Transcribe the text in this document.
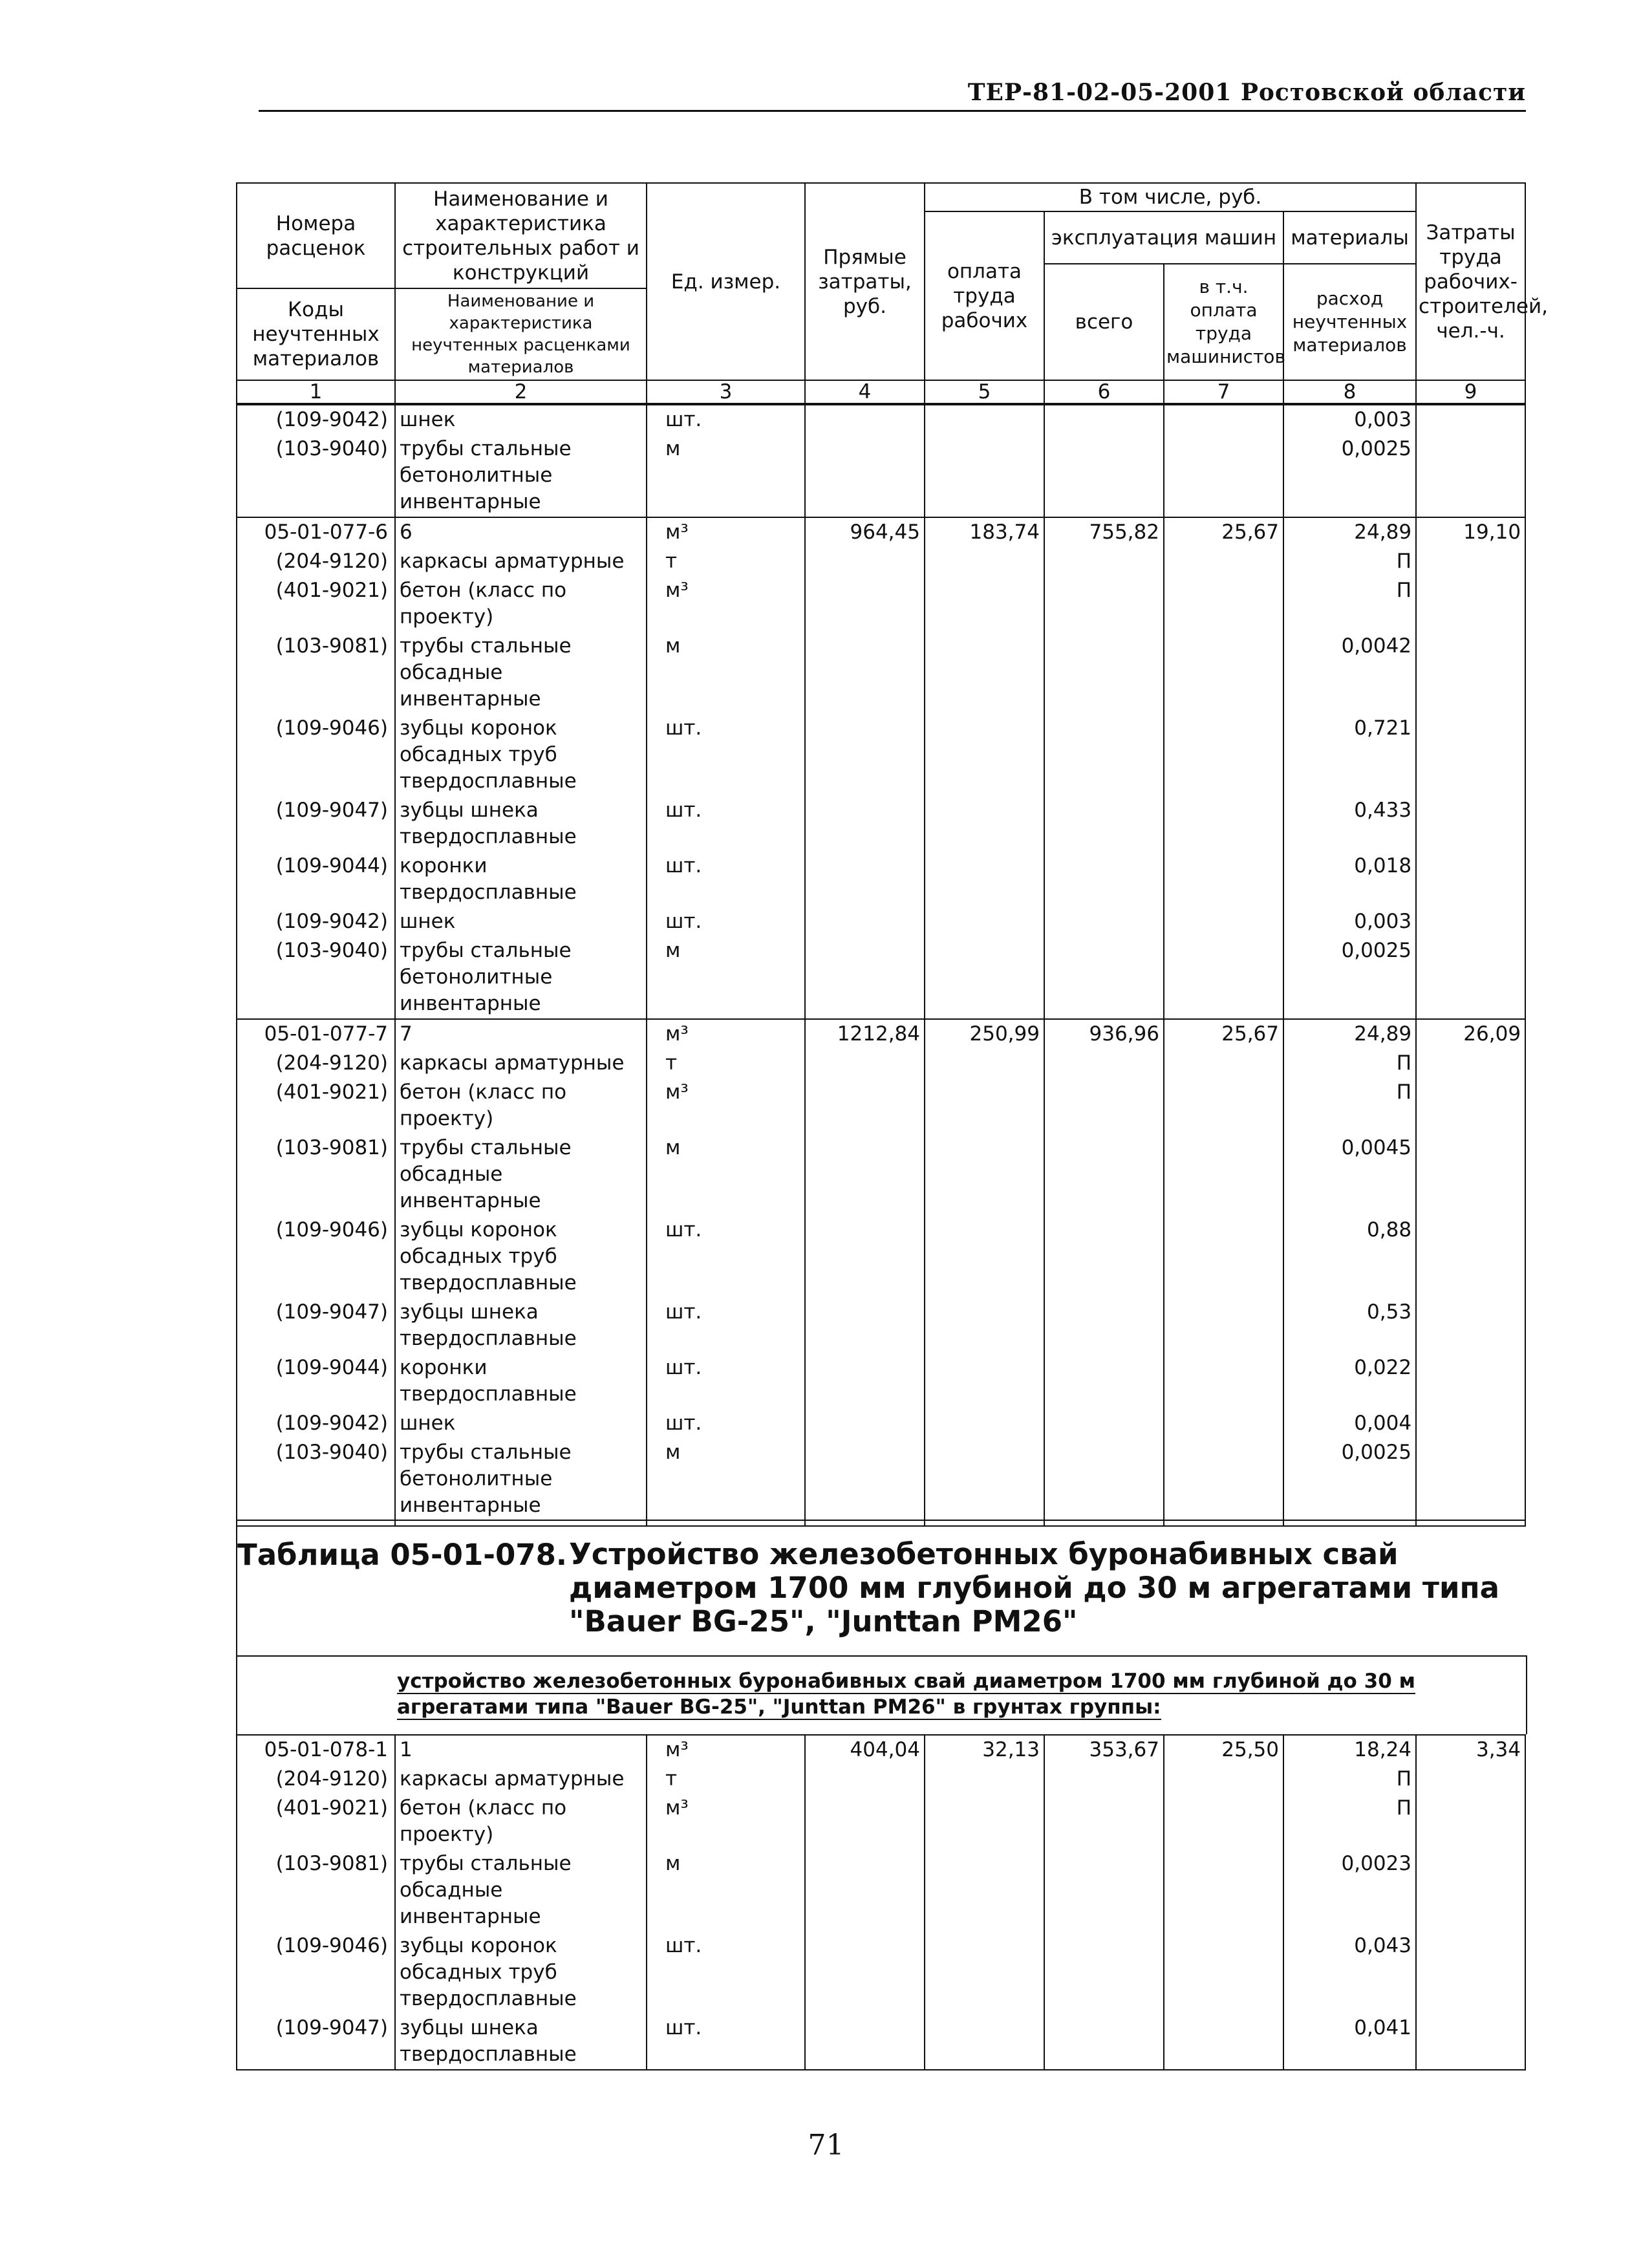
ТЕР-81-02-05-2001 Ростовской области
Номера расценок	Наименование и характеристика строительных работ и конструкций	Ед. измер.	Прямые затраты, руб.	В том числе, руб.				Затраты труда рабочих-строителей, чел.-ч.
				оплата труда рабочих	эксплуатация машин		материалы	
					всего	в т.ч. оплата труда машинистов	расход неучтенных материалов	
Коды неучтенных материалов	Наименование и характеристика неучтенных расценками материалов							

1	2	3	4	5	6	7	8	9
(109-9042)	шнек	шт.					0,003	
(103-9040)	трубы стальные бетонолитные инвентарные	м					0,0025	
05-01-077-6	6	м³	964,45	183,74	755,82	25,67	24,89	19,10
(204-9120)	каркасы арматурные	т					П	
(401-9021)	бетон (класс по проекту)	м³					П	
(103-9081)	трубы стальные обсадные инвентарные	м					0,0042	
(109-9046)	зубцы коронок обсадных труб твердосплавные	шт.					0,721	
(109-9047)	зубцы шнека твердосплавные	шт.					0,433	
(109-9044)	коронки твердосплавные	шт.					0,018	
(109-9042)	шнек	шт.					0,003	
(103-9040)	трубы стальные бетонолитные инвентарные	м					0,0025	
05-01-077-7	7	м³	1212,84	250,99	936,96	25,67	24,89	26,09
(204-9120)	каркасы арматурные	т					П	
(401-9021)	бетон (класс по проекту)	м³					П	
(103-9081)	трубы стальные обсадные инвентарные	м					0,0045	
(109-9046)	зубцы коронок обсадных труб твердосплавные	шт.					0,88	
(109-9047)	зубцы шнека твердосплавные	шт.					0,53	
(109-9044)	коронки твердосплавные	шт.					0,022	
(109-9042)	шнек	шт.					0,004	
(103-9040)	трубы стальные бетонолитные инвентарные	м					0,0025	
Таблица 05-01-078. Устройство железобетонных буронабивных свай диаметром 1700 мм глубиной до 30 м агрегатами типа "Bauer BG-25", "Junttan PM26"
устройство железобетонных буронабивных свай диаметром 1700 мм глубиной до 30 м агрегатами типа "Bauer BG-25", "Junttan PM26" в грунтах группы:
05-01-078-1	1	м³	404,04	32,13	353,67	25,50	18,24	3,34
(204-9120)	каркасы арматурные	т					П	
(401-9021)	бетон (класс по проекту)	м³					П	
(103-9081)	трубы стальные обсадные инвентарные	м					0,0023	
(109-9046)	зубцы коронок обсадных труб твердосплавные	шт.					0,043	
(109-9047)	зубцы шнека твердосплавные	шт.					0,041	
71
